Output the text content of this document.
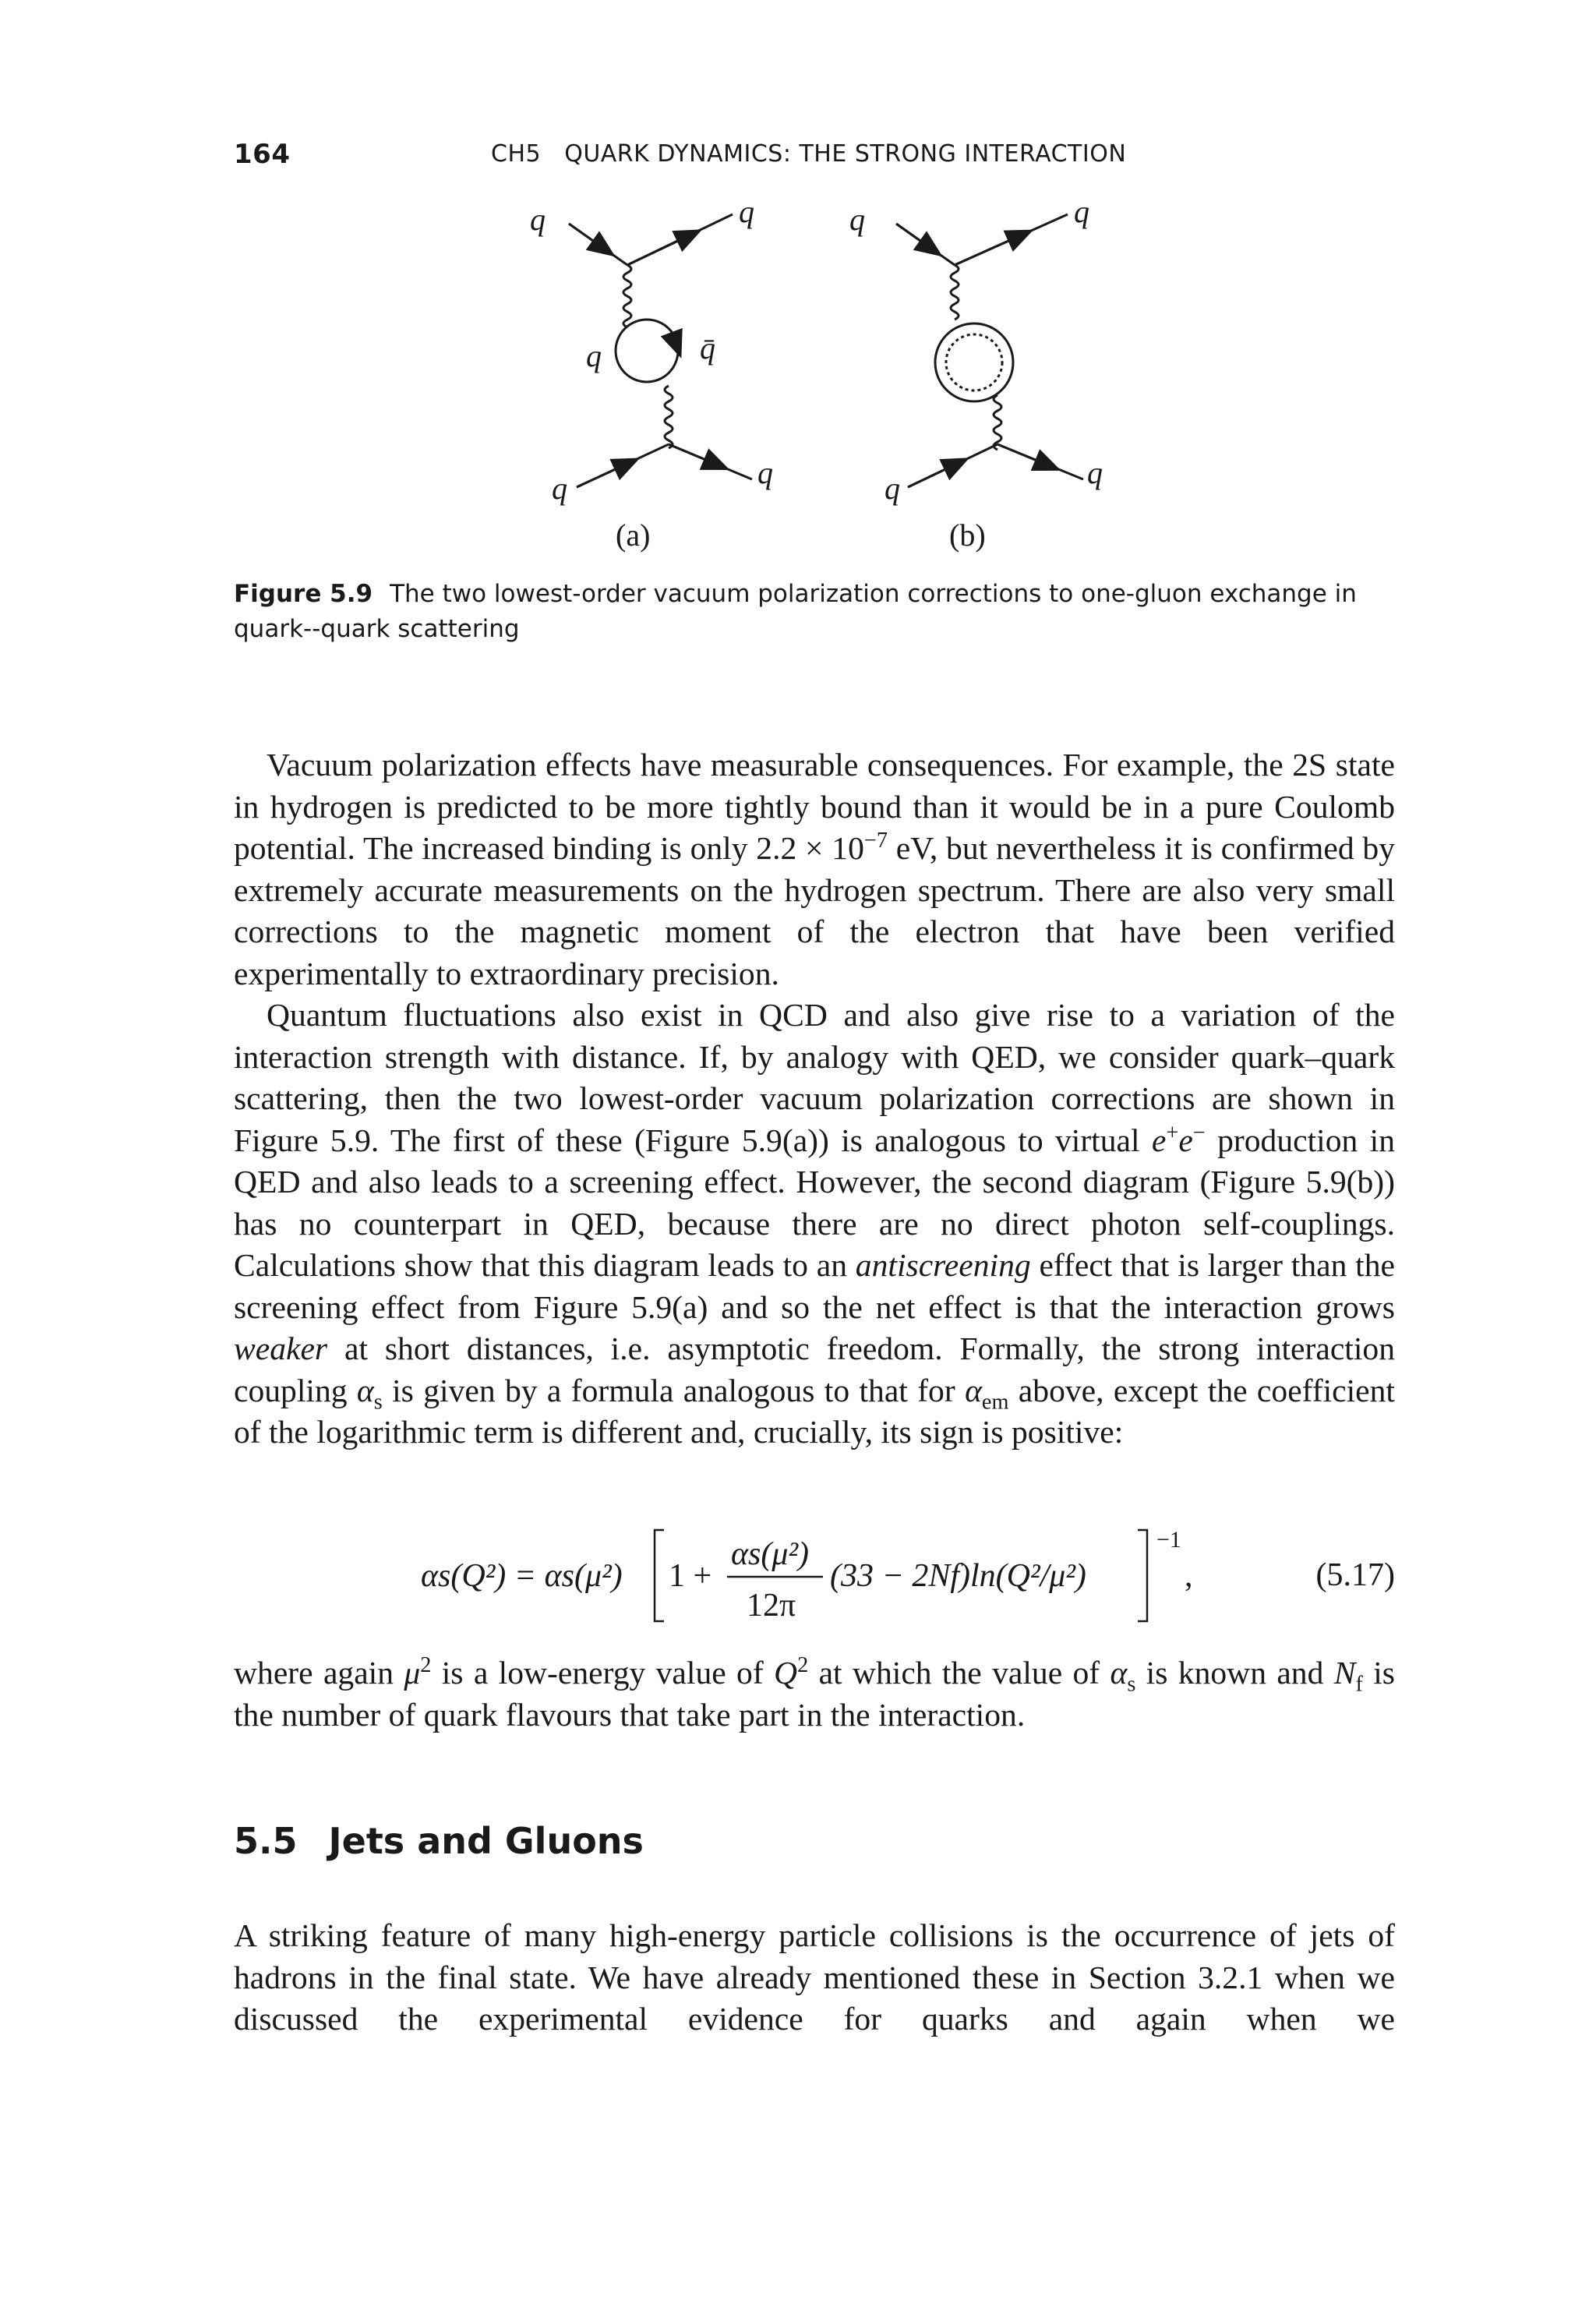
164	CH5   QUARK DYNAMICS: THE STRONG INTERACTION
q	q
q	q̄
q	q
q	q
q	q
(a)	(b)
Figure 5.9 The two lowest-order vacuum polarization corrections to one-gluon exchange in quark--quark scattering

Vacuum polarization effects have measurable consequences. For example, the 2S state in hydrogen is predicted to be more tightly bound than it would be in a pure Coulomb potential. The increased binding is only $2.2 \times 10^{-7}$ eV, but nevertheless it is confirmed by extremely accurate measurements on the hydrogen spectrum. There are also very small corrections to the magnetic moment of the electron that have been verified experimentally to extraordinary precision.

Quantum fluctuations also exist in QCD and also give rise to a variation of the interaction strength with distance. If, by analogy with QED, we consider quark–quark scattering, then the two lowest-order vacuum polarization corrections are shown in Figure 5.9. The first of these (Figure 5.9(a)) is analogous to virtual e+e− production in QED and also leads to a screening effect. However, the second diagram (Figure 5.9(b)) has no counterpart in QED, because there are no direct photon self-couplings. Calculations show that this diagram leads to an antiscreening effect that is larger than the screening effect from Figure 5.9(a) and so the net effect is that the interaction grows weaker at short distances, i.e. asymptotic freedom. Formally, the strong interaction coupling $\alpha_s$ is given by a formula analogous to that for $\alpha_{em}$ above, except the coefficient of the logarithmic term is different and, crucially, its sign is positive:

αs(Q²) = αs(μ²) 1 +
αs(μ²)
12π
(33 − 2Nf)ln(Q²/μ²)
−1
,	(5.17)

where again $\mu^2$ is a low-energy value of $Q^2$ at which the value of $\alpha_s$ is known and $N_f$ is the number of quark flavours that take part in the interaction.

5.5 Jets and Gluons

A striking feature of many high-energy particle collisions is the occurrence of jets of hadrons in the final state. We have already mentioned these in Section 3.2.1 when we discussed the experimental evidence for quarks and again when we
